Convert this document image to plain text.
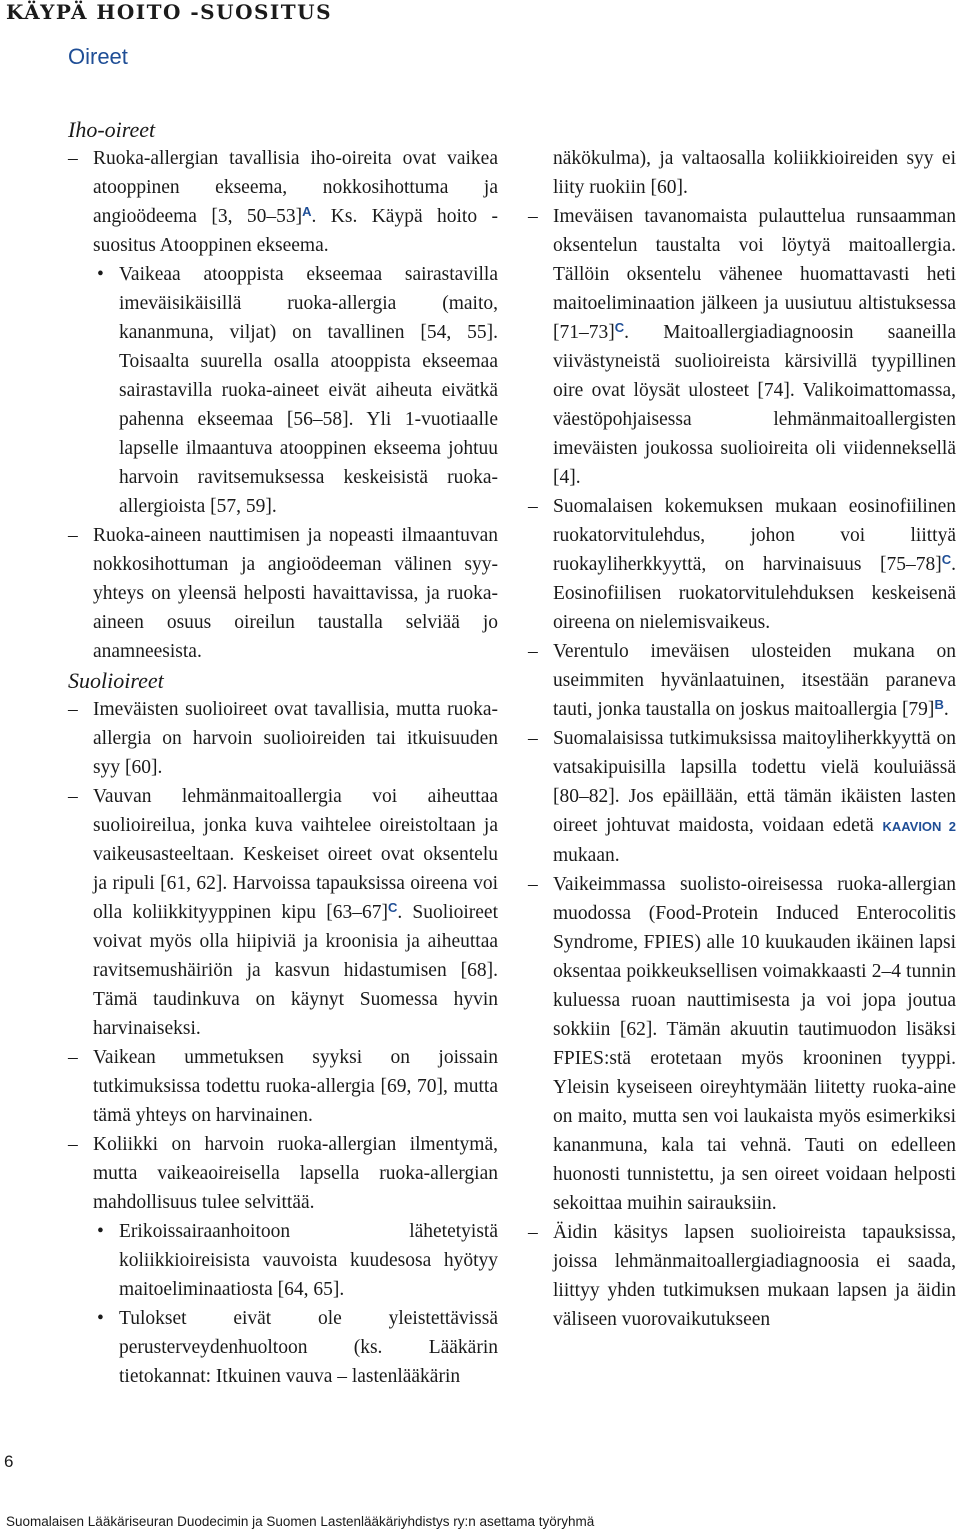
KÄYPÄ HOITO -SUOSITUS
Oireet

Iho-oireet

– Ruoka-allergian tavallisia iho-oireita ovat vaikea atooppinen ekseema, nokkosihottuma ja angioödeema [3, 50–53]$^A$. Ks. Käypä hoito -suositus Atooppinen ekseema.

• Vaikeaa atooppista ekseemaa sairastavilla imeväisikäisillä ruoka-allergia (maito, kananmuna, viljat) on tavallinen [54, 55]. Toisaalta suurella osalla atooppista ekseemaa sairastavilla ruoka-aineet eivät aiheuta eivätkä pahenna ekseemaa [56–58]. Yli 1-vuotiaalle lapselle ilmaantuva atooppinen ekseema johtuu harvoin ravitsemuksessa keskeisistä ruoka-allergioista [57, 59].

– Ruoka-aineen nauttimisen ja nopeasti ilmaantuvan nokkosihottuman ja angioödeeman välinen syy-yhteys on yleensä helposti havaittavissa, ja ruoka-aineen osuus oireilun taustalla selviää jo anamneesista.

Suolioireet

– Imeväisten suolioireet ovat tavallisia, mutta ruoka-allergia on harvoin suolioireiden tai itkuisuuden syy [60].

– Vauvan lehmänmaitoallergia voi aiheuttaa suolioireilua, jonka kuva vaihtelee oireistoltaan ja vaikeusasteeltaan. Keskeiset oireet ovat oksentelu ja ripuli [61, 62]. Harvoissa tapauksissa oireena voi olla koliikkityyppinen kipu $[63-67]^C$. Suolioireet voivat myös olla hiipiviä ja kroonisia ja aiheuttaa ravitsemushäiriön ja kasvun hidastumisen [68]. Tämä taudinkuva on käynyt Suomessa hyvin harvinaiseksi.

– Vaikean ummetuksen syyksi on joissain tutkimuksissa todettu ruoka-allergia [69, 70], mutta tämä yhteys on harvinainen.

– Koliikki on harvoin ruoka-allergian ilmentymä, mutta vaikeaoireisella lapsella ruoka-allergian mahdollisuus tulee selvittää.

• Erikoissairaanhoitoon lähetetyistä koliikkioireisista vauvoista kuudesosa hyötyy maitoeliminaatiosta [64, 65].

• Tulokset eivät ole yleistettävissä perusterveydenhuoltoon (ks. Lääkärin tietokannat: Itkuinen vauva – lastenlääkärin

näkökulma), ja valtaosalla koliikkioireiden syy ei liity ruokiin [60].

– Imeväisen tavanomaista pulauttelua runsaamman oksentelun taustalta voi löytyä maitoallergia. Tällöin oksentelu vähenee huomattavasti heti maitoeliminaation jälkeen ja uusiutuu altistuksessa $[71-73]^C$. Maitoallergiadiagnoosin saaneilla viivästyneistä suolioireista kärsivillä tyypillinen oire ovat löysät ulosteet [74]. Valikoimattomassa, väestöpohjaisessa lehmänmaitoallergisten imeväisten joukossa suolioireita oli viidenneksellä [4].

– Suomalaisen kokemuksen mukaan eosinofiilinen ruokatorvitulehdus, johon voi liittyä ruokayliherkkyyttä, on harvinaisuus $[75-78]^C$. Eosinofiilisen ruokatorvitulehduksen keskeisenä oireena on nielemisvaikeus.

– Verentulo imeväisen ulosteiden mukana on useimmiten hyvänlaatuinen, itsestään paraneva tauti, jonka taustalla on joskus maitoallergia $[79]^B$.

– Suomalaisissa tutkimuksissa maitoyliherkkyyttä on vatsakipuisilla lapsilla todettu vielä kouluiässä [80–82]. Jos epäillään, että tämän ikäisten lasten oireet johtuvat maidosta, voidaan edetä KAAVION 2 mukaan.

– Vaikeimmassa suolisto-oireisessa ruoka-allergian muodossa (Food-Protein Induced Enterocolitis Syndrome, FPIES) alle 10 kuukauden ikäinen lapsi oksentaa poikkeuksellisen voimakkaasti 2–4 tunnin kuluessa ruoan nauttimisesta ja voi jopa joutua sokkiin [62]. Tämän akuutin tautimuodon lisäksi FPIES:stä erotetaan myös krooninen tyyppi. Yleisin kyseiseen oireyhtymään liitetty ruoka-aine on maito, mutta sen voi laukaista myös esimerkiksi kananmuna, kala tai vehnä. Tauti on edelleen huonosti tunnistettu, ja sen oireet voidaan helposti sekoittaa muihin sairauksiin.

– Äidin käsitys lapsen suolioireista tapauksissa, joissa lehmänmaitoallergiadiagnoosia ei saada, liittyy yhden tutkimuksen mukaan lapsen ja äidin väliseen vuorovaikutukseen

6
Suomalaisen Lääkäriseuran Duodecimin ja Suomen Lastenlääkäriyhdistys ry:n asettama työryhmä
